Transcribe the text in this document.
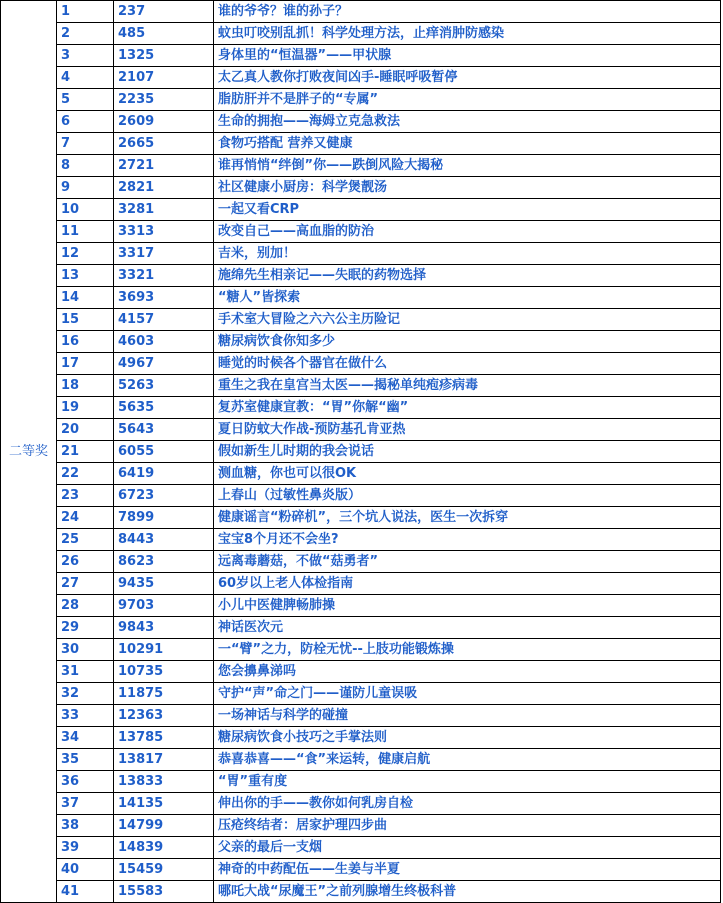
二等奖	1	237	谁的爷爷？谁的孙子？
	2	485	蚊虫叮咬别乱抓！科学处理方法，止痒消肿防感染
	3	1325	身体里的“恒温器”——甲状腺
	4	2107	太乙真人教你打败夜间凶手-睡眠呼吸暂停
	5	2235	脂肪肝并不是胖子的“专属”
	6	2609	生命的拥抱——海姆立克急救法
	7	2665	食物巧搭配 营养又健康
	8	2721	谁再悄悄“绊倒”你——跌倒风险大揭秘
	9	2821	社区健康小厨房：科学煲靓汤
	10	3281	一起又看CRP
	11	3313	改变自己——高血脂的防治
	12	3317	吉米，别加！
	13	3321	施绵先生相亲记——失眠的药物选择
	14	3693	“糖人”皆探索
	15	4157	手术室大冒险之六六公主历险记
	16	4603	糖尿病饮食你知多少
	17	4967	睡觉的时候各个器官在做什么
	18	5263	重生之我在皇宫当太医——揭秘单纯疱疹病毒
	19	5635	复苏室健康宣教：“胃”你解“幽”
	20	5643	夏日防蚊大作战-预防基孔肯亚热
	21	6055	假如新生儿时期的我会说话
	22	6419	测血糖，你也可以很OK
	23	6723	上春山（过敏性鼻炎版）
	24	7899	健康谣言“粉碎机”，三个坑人说法，医生一次拆穿
	25	8443	宝宝8个月还不会坐?
	26	8623	远离毒蘑菇，不做“菇勇者”
	27	9435	60岁以上老人体检指南
	28	9703	小儿中医健脾畅肺操
	29	9843	神话医次元
	30	10291	一“臂”之力，防栓无忧--上肢功能锻炼操
	31	10735	您会擤鼻涕吗
	32	11875	守护“声”命之门——谨防儿童误吸
	33	12363	一场神话与科学的碰撞
	34	13785	糖尿病饮食小技巧之手掌法则
	35	13817	恭喜恭喜——“食”来运转，健康启航
	36	13833	“胃”重有度
	37	14135	伸出你的手——教你如何乳房自检
	38	14799	压疮终结者：居家护理四步曲
	39	14839	父亲的最后一支烟
	40	15459	神奇的中药配伍——生姜与半夏
	41	15583	哪吒大战“尿魔王”之前列腺增生终极科普
